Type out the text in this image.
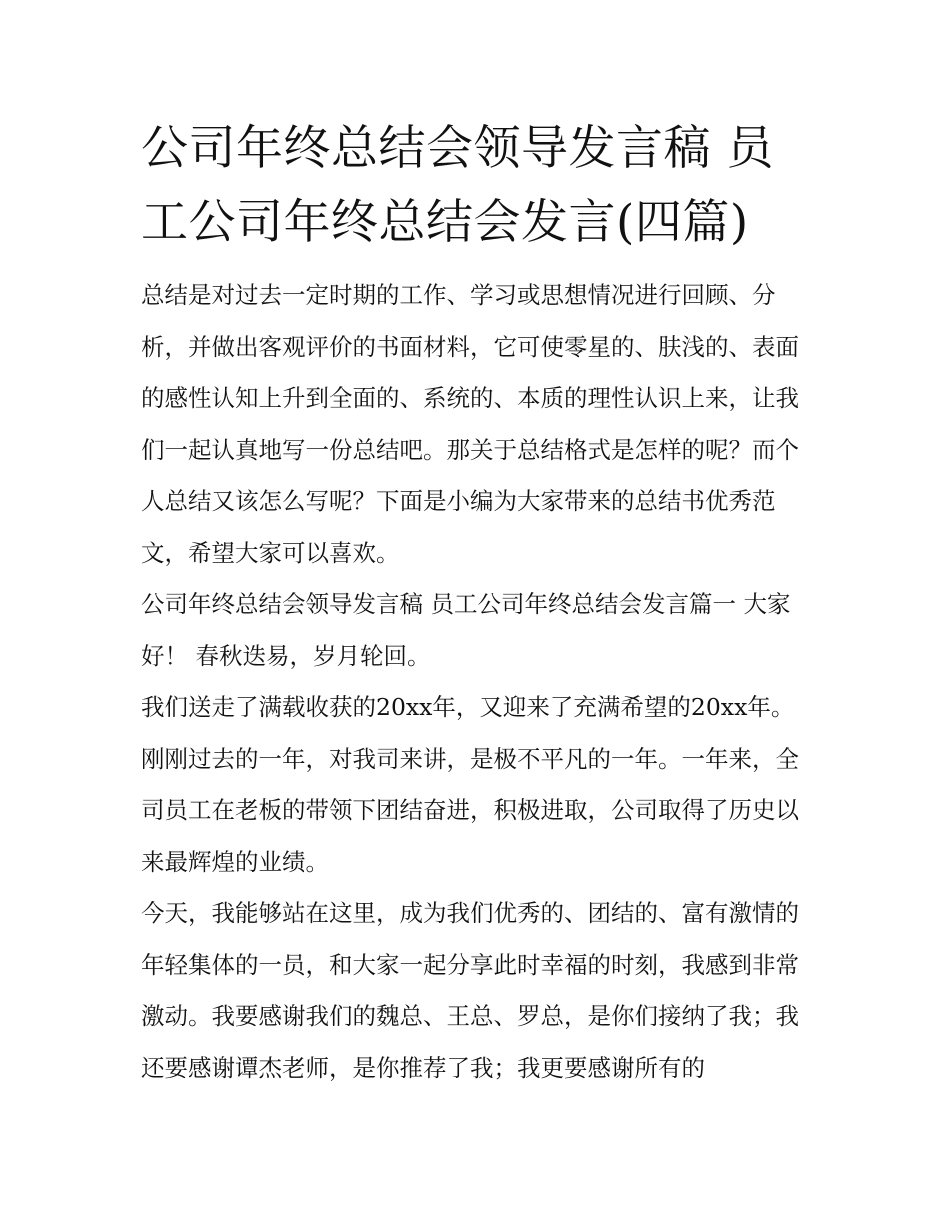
公司年终总结会领导发言稿 员工公司年终总结会发言(四篇)

总结是对过去一定时期的工作、学习或思想情况进行回顾、分析，并做出客观评价的书面材料，它可使零星的、肤浅的、表面的感性认知上升到全面的、系统的、本质的理性认识上来，让我们一起认真地写一份总结吧。那关于总结格式是怎样的呢？而个人总结又该怎么写呢？下面是小编为大家带来的总结书优秀范文，希望大家可以喜欢。

公司年终总结会领导发言稿 员工公司年终总结会发言篇一 大家好！ 春秋迭易，岁月轮回。

我们送走了满载收获的20xx年，又迎来了充满希望的20xx年。刚刚过去的一年，对我司来讲，是极不平凡的一年。一年来，全司员工在老板的带领下团结奋进，积极进取，公司取得了历史以来最辉煌的业绩。

今天，我能够站在这里，成为我们优秀的、团结的、富有激情的年轻集体的一员，和大家一起分享此时幸福的时刻，我感到非常激动。我要感谢我们的魏总、王总、罗总，是你们接纳了我；我还要感谢谭杰老师，是你推荐了我；我更要感谢所有的
